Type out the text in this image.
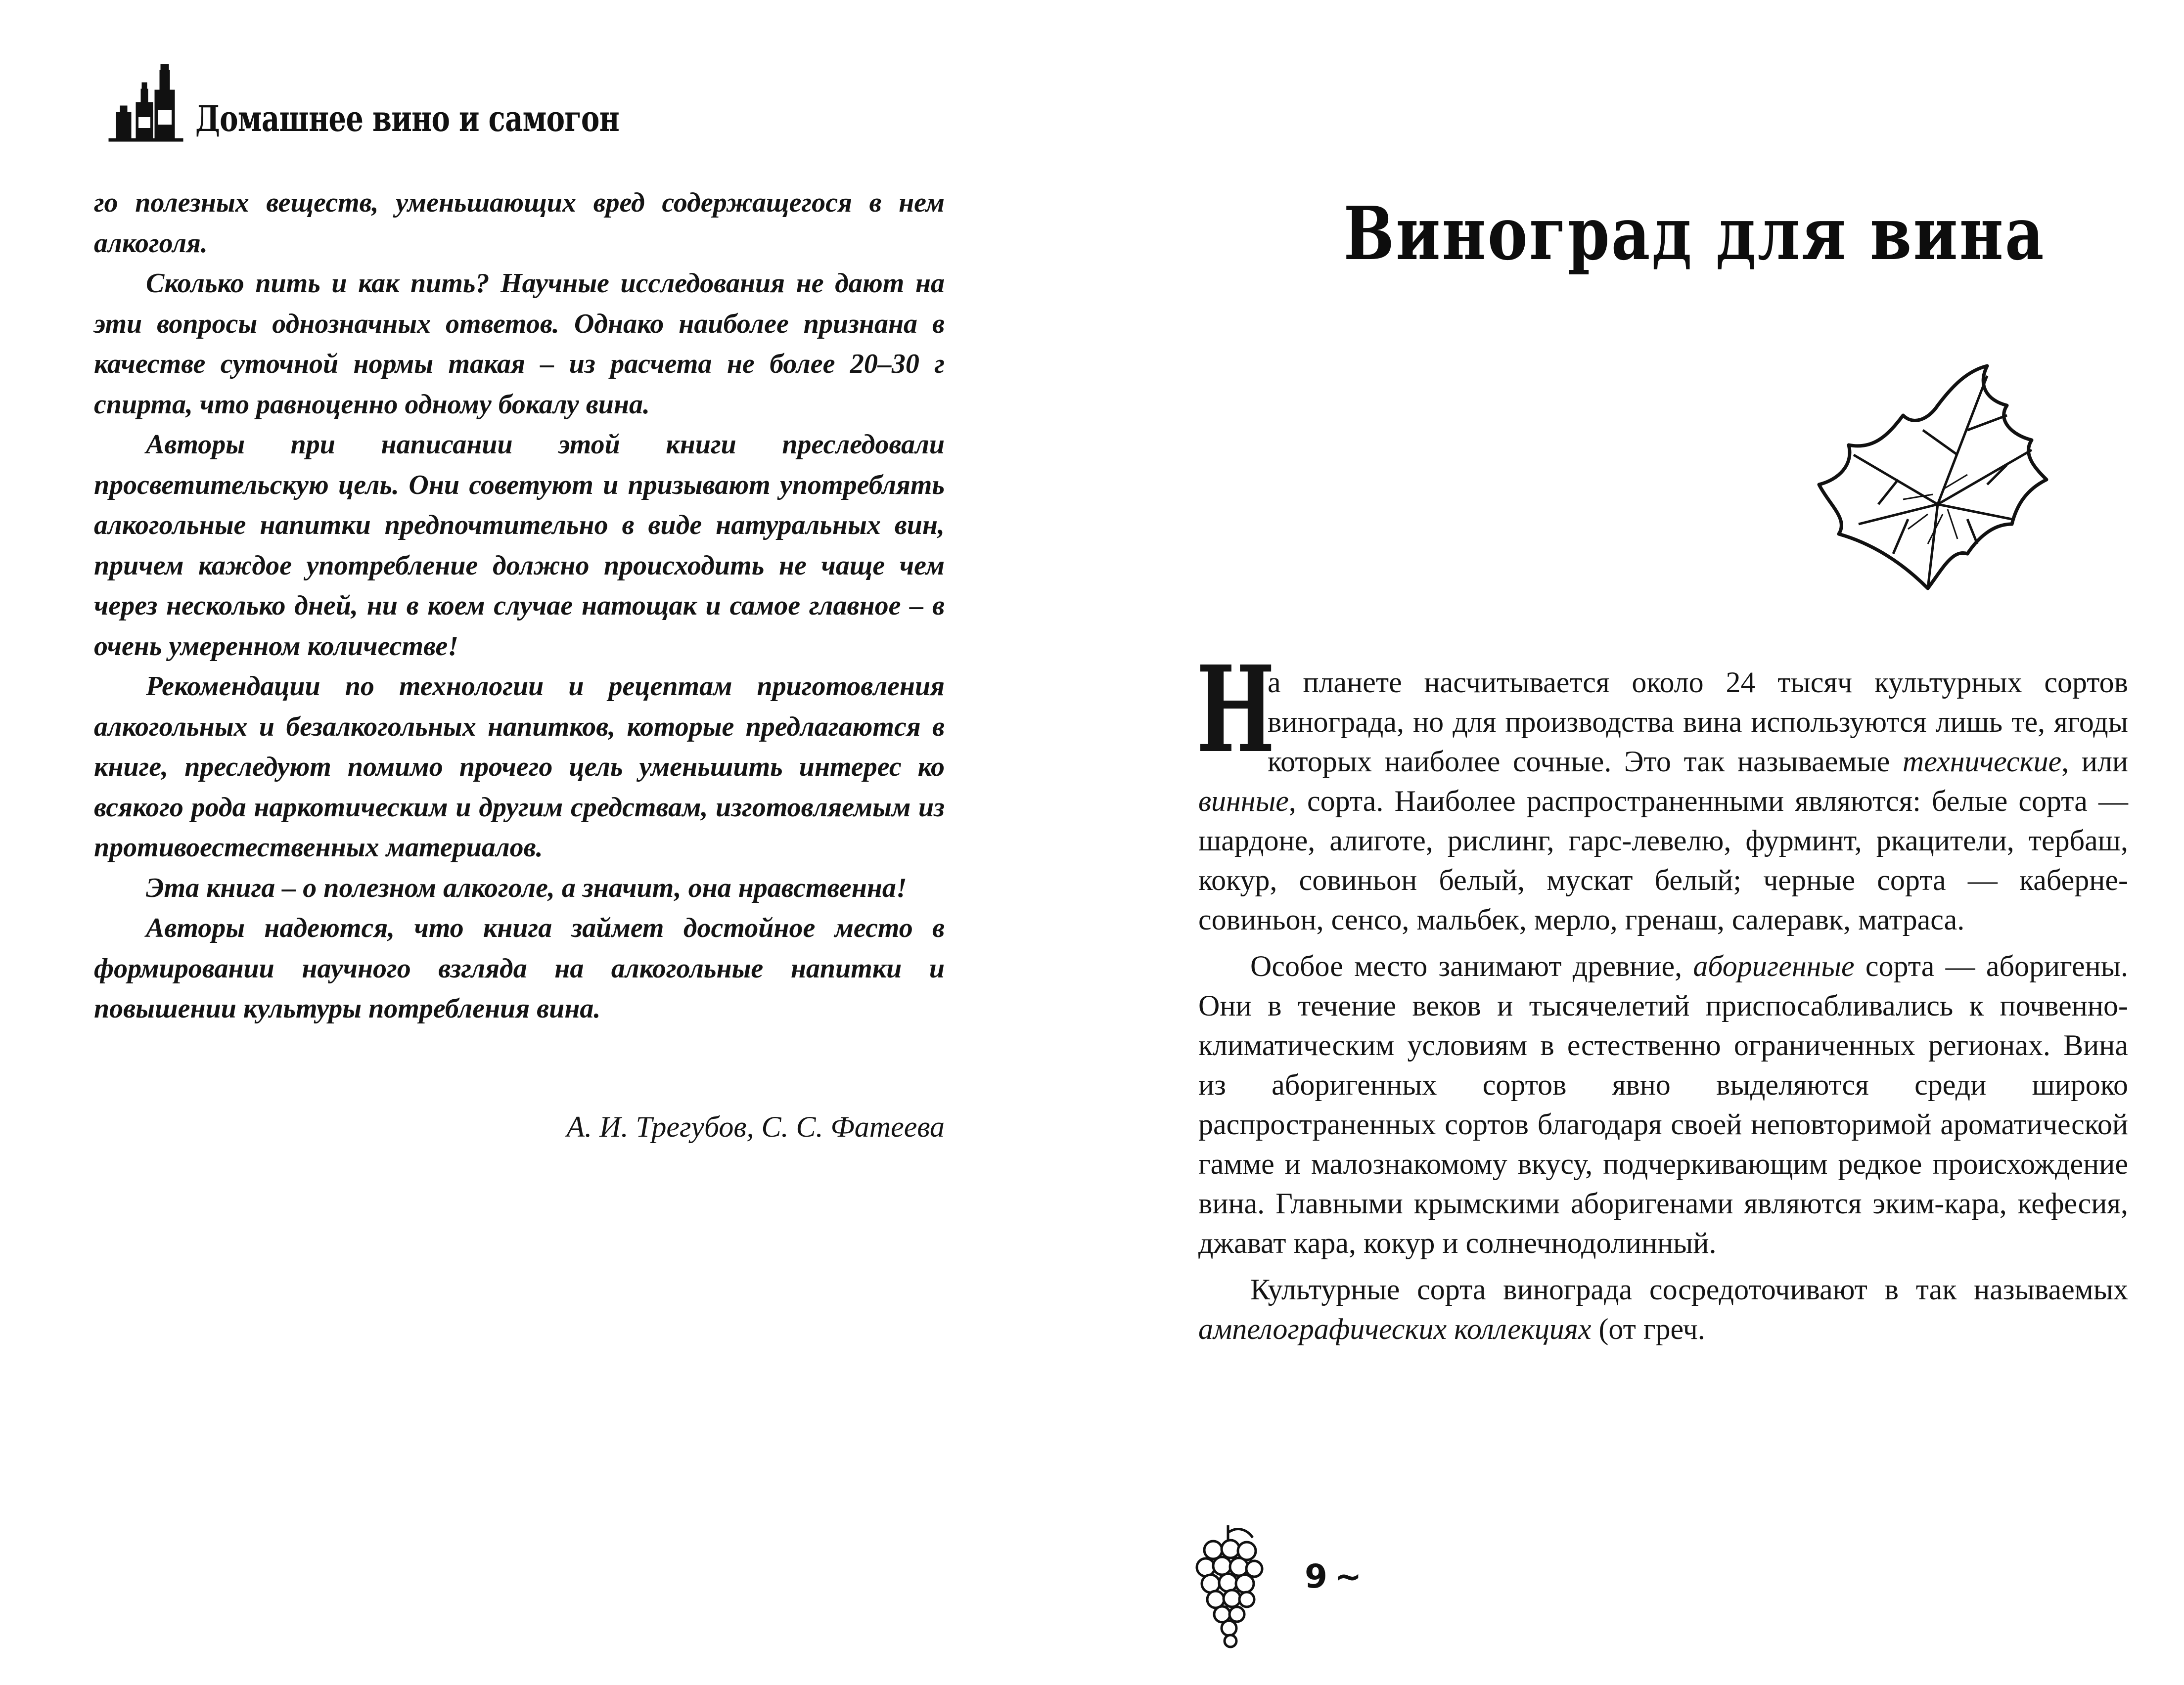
Домашнее вино и самогон

го полезных веществ, уменьшающих вред содержащегося в нем алкоголя.

Сколько пить и как пить? Научные исследования не дают на эти вопросы однозначных ответов. Однако наиболее признана в качестве суточной нормы такая – из расчета не более 20–30 г спирта, что равноценно одному бокалу вина.

Авторы при написании этой книги преследовали просветительскую цель. Они советуют и призывают употреблять алкогольные напитки предпочтительно в виде натуральных вин, причем каждое употребление должно происходить не чаще чем через несколько дней, ни в коем случае натощак и самое главное – в очень умеренном количестве!

Рекомендации по технологии и рецептам приготовления алкогольных и безалкогольных напитков, которые предлагаются в книге, преследуют помимо прочего цель уменьшить интерес ко всякого рода наркотическим и другим средствам, изготовляемым из противоестественных материалов.

Эта книга – о полезном алкоголе, а значит, она нравственна!

Авторы надеются, что книга займет достойное место в формировании научного взгляда на алкогольные напитки и повышении культуры потребления вина.

А. И. Трегубов, С. С. Фатеева
Виноград для вина

Н
а планете насчитывается около 24 тысяч культурных сортов винограда, но для производства вина используются лишь те, ягоды которых наиболее сочные. Это так называемые технические, или винные, сорта. Наиболее распространенными являются: белые сорта — шардоне, алиготе, рислинг, гарс-левелю, фурминт, ркацители, тербаш, кокур, совиньон белый, мускат белый; черные сорта — каберне-совиньон, сенсо, мальбек, мерло, гренаш, салеравк, матраса.

Особое место занимают древние, аборигенные сорта — аборигены. Они в течение веков и тысячелетий приспосабливались к почвенно-климатическим условиям в естественно ограниченных регионах. Вина из аборигенных сортов явно выделяются среди широко распространенных сортов благодаря своей неповторимой ароматической гамме и малознакомому вкусу, подчеркивающим редкое происхождение вина. Главными крымскими аборигенами являются эким-кара, кефесия, джават кара, кокур и солнечнодолинный.

Культурные сорта винограда сосредоточивают в так называемых ампелографических коллекциях (от греч.

9 ~
